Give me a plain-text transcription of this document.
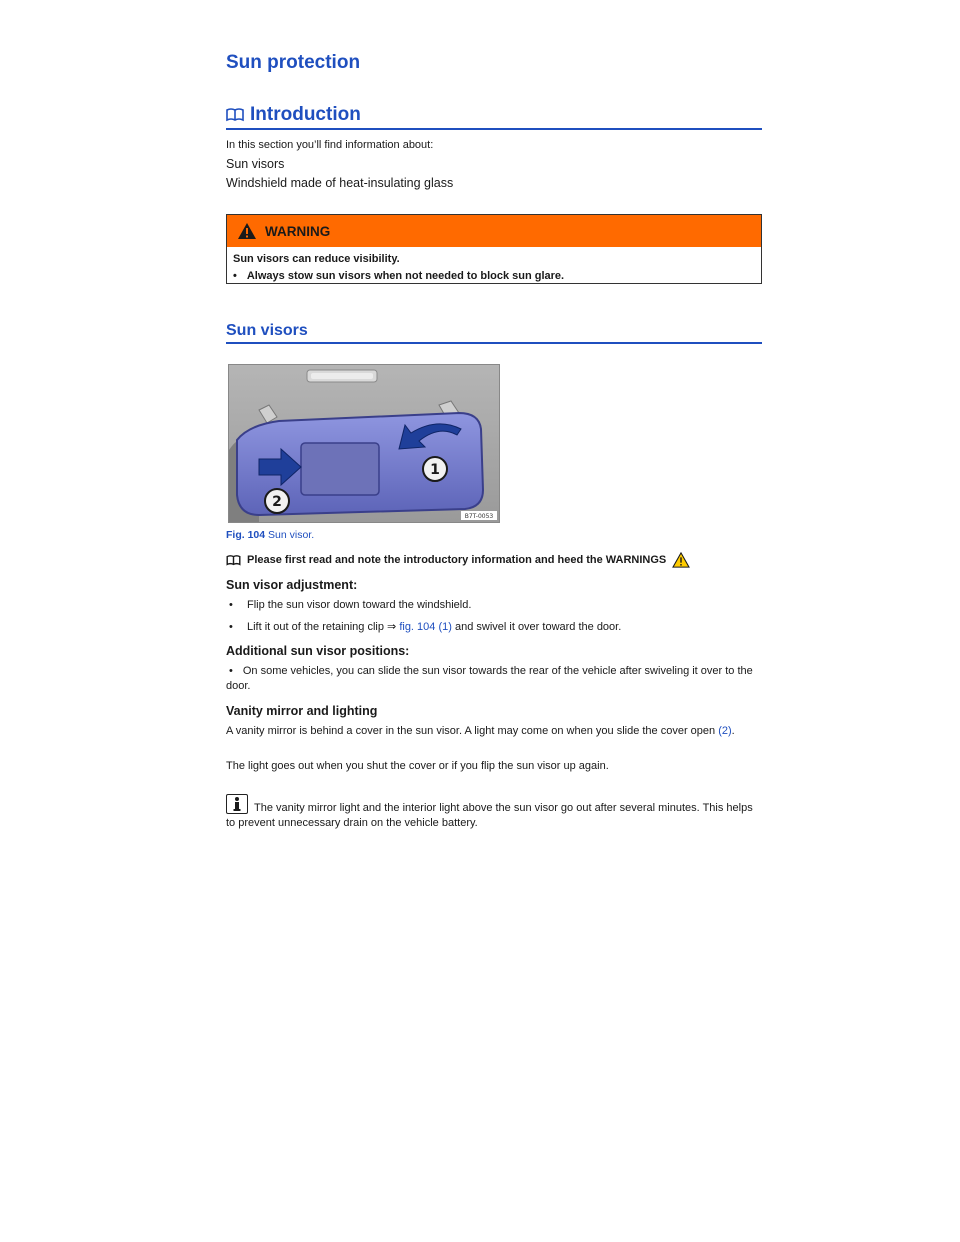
Sun protection
Introduction

In this section you’ll find information about:

Sun visors

Windshield made of heat-insulating glass

WARNING
Sun visors can reduce visibility.
• Always stow sun visors when not needed to block sun glare.
Sun visors
1
2
B7T-0053

Fig. 104 Sun visor.

Please first read and note the introductory information and heed the WARNINGS

Sun visor adjustment:
•	Flip the sun visor down toward the windshield.
•	Lift it out of the retaining clip ⇒ fig. 104 (1) and swivel it over toward the door.
Additional sun visor positions:
• On some vehicles, you can slide the sun visor towards the rear of the vehicle after swiveling it over to the door.
Vanity mirror and lighting

A vanity mirror is behind a cover in the sun visor. A light may come on when you slide the cover open (2).

The light goes out when you shut the cover or if you flip the sun visor up again.

The vanity mirror light and the interior light above the sun visor go out after several minutes. This helps to prevent unnecessary drain on the vehicle battery.
